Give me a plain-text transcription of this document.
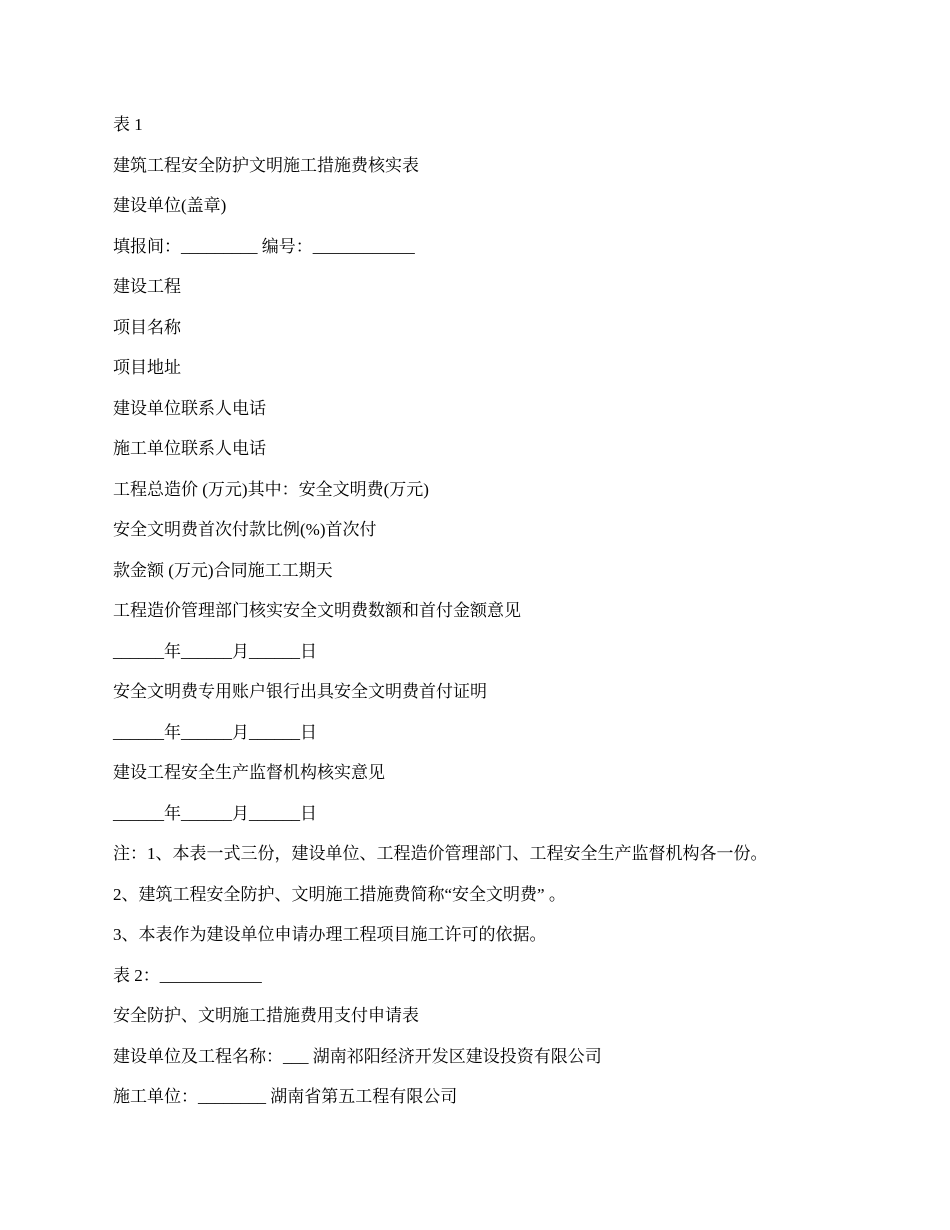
表 1
建筑工程安全防护文明施工措施费核实表
建设单位(盖章)
填报间：_________ 编号：____________
建设工程
项目名称
项目地址
建设单位联系人电话
施工单位联系人电话
工程总造价 (万元)其中：安全文明费(万元)
安全文明费首次付款比例(%)首次付
款金额 (万元)合同施工工期天
工程造价管理部门核实安全文明费数额和首付金额意见
______年______月______日
安全文明费专用账户银行出具安全文明费首付证明
______年______月______日
建设工程安全生产监督机构核实意见
______年______月______日
注：1、本表一式三份，建设单位、工程造价管理部门、工程安全生产监督机构各一份。
2、建筑工程安全防护、文明施工措施费简称“安全文明费” 。
3、本表作为建设单位申请办理工程项目施工许可的依据。
表 2：____________
安全防护、文明施工措施费用支付申请表
建设单位及工程名称：___ 湖南祁阳经济开发区建设投资有限公司
施工单位：________ 湖南省第五工程有限公司
